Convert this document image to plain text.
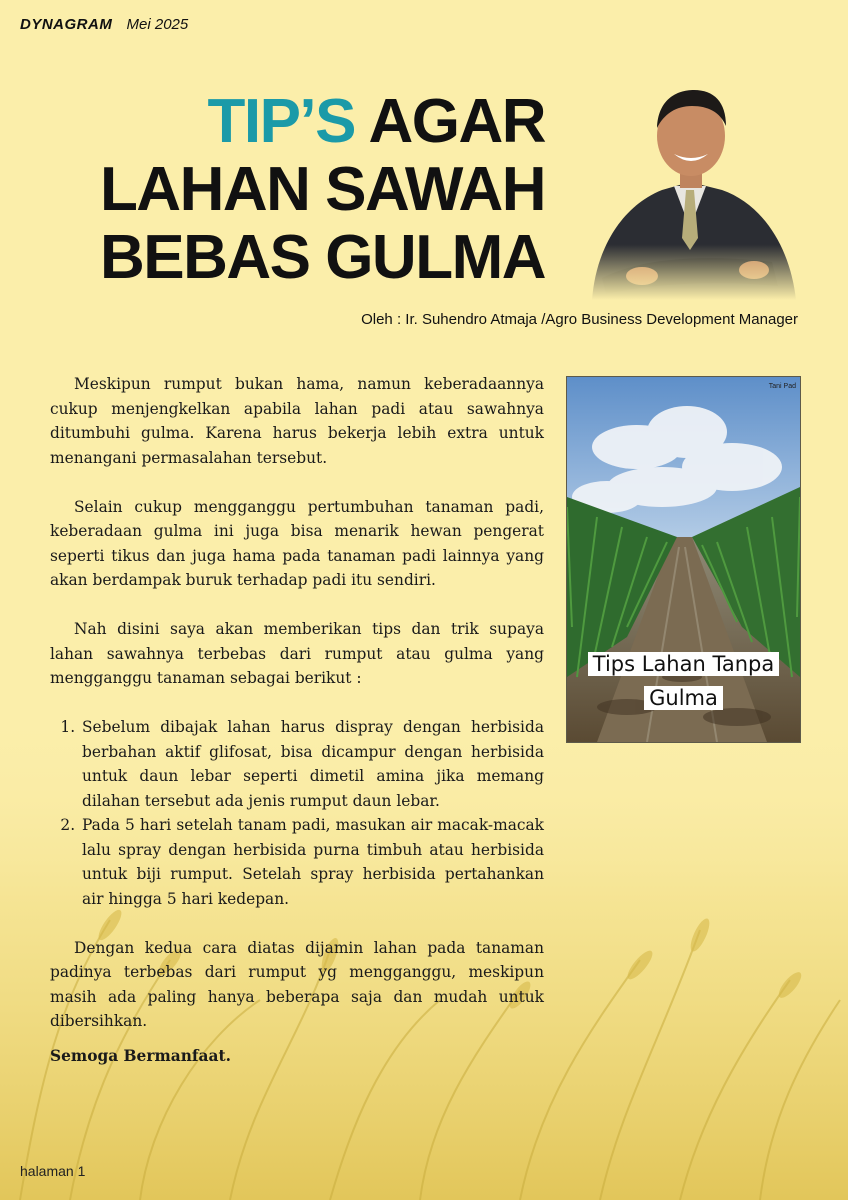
DYNAGRAM Mei 2025
TIP’S AGAR
LAHAN SAWAH
BEBAS GULMA
Oleh : Ir. Suhendro Atmaja /Agro Business Development Manager
Tani Pad
Tips Lahan Tanpa
Gulma

Meskipun rumput bukan hama, namun keberadaannya cukup menjengkelkan apabila lahan padi atau sawahnya ditumbuhi gulma. Karena harus bekerja lebih extra untuk menangani permasalahan tersebut.

Selain cukup mengganggu pertumbuhan tanaman padi, keberadaan gulma ini juga bisa menarik hewan pengerat seperti tikus dan juga hama pada tanaman padi lainnya yang akan berdampak buruk terhadap padi itu sendiri.

Nah disini saya akan memberikan tips dan trik supaya lahan sawahnya terbebas dari rumput atau gulma yang mengganggu tanaman sebagai berikut :

1. Sebelum dibajak lahan harus dispray dengan herbisida berbahan aktif glifosat, bisa dicampur dengan herbisida untuk daun lebar seperti dimetil amina jika memang dilahan tersebut ada jenis rumput daun lebar.
2. Pada 5 hari setelah tanam padi, masukan air macak-macak lalu spray dengan herbisida purna timbuh atau herbisida untuk biji rumput. Setelah spray herbisida pertahankan air hingga 5 hari kedepan.

Dengan kedua cara diatas dijamin lahan pada tanaman padinya terbebas dari rumput yg mengganggu, meskipun masih ada paling hanya beberapa saja dan mudah untuk dibersihkan.

Semoga Bermanfaat.

halaman 1
